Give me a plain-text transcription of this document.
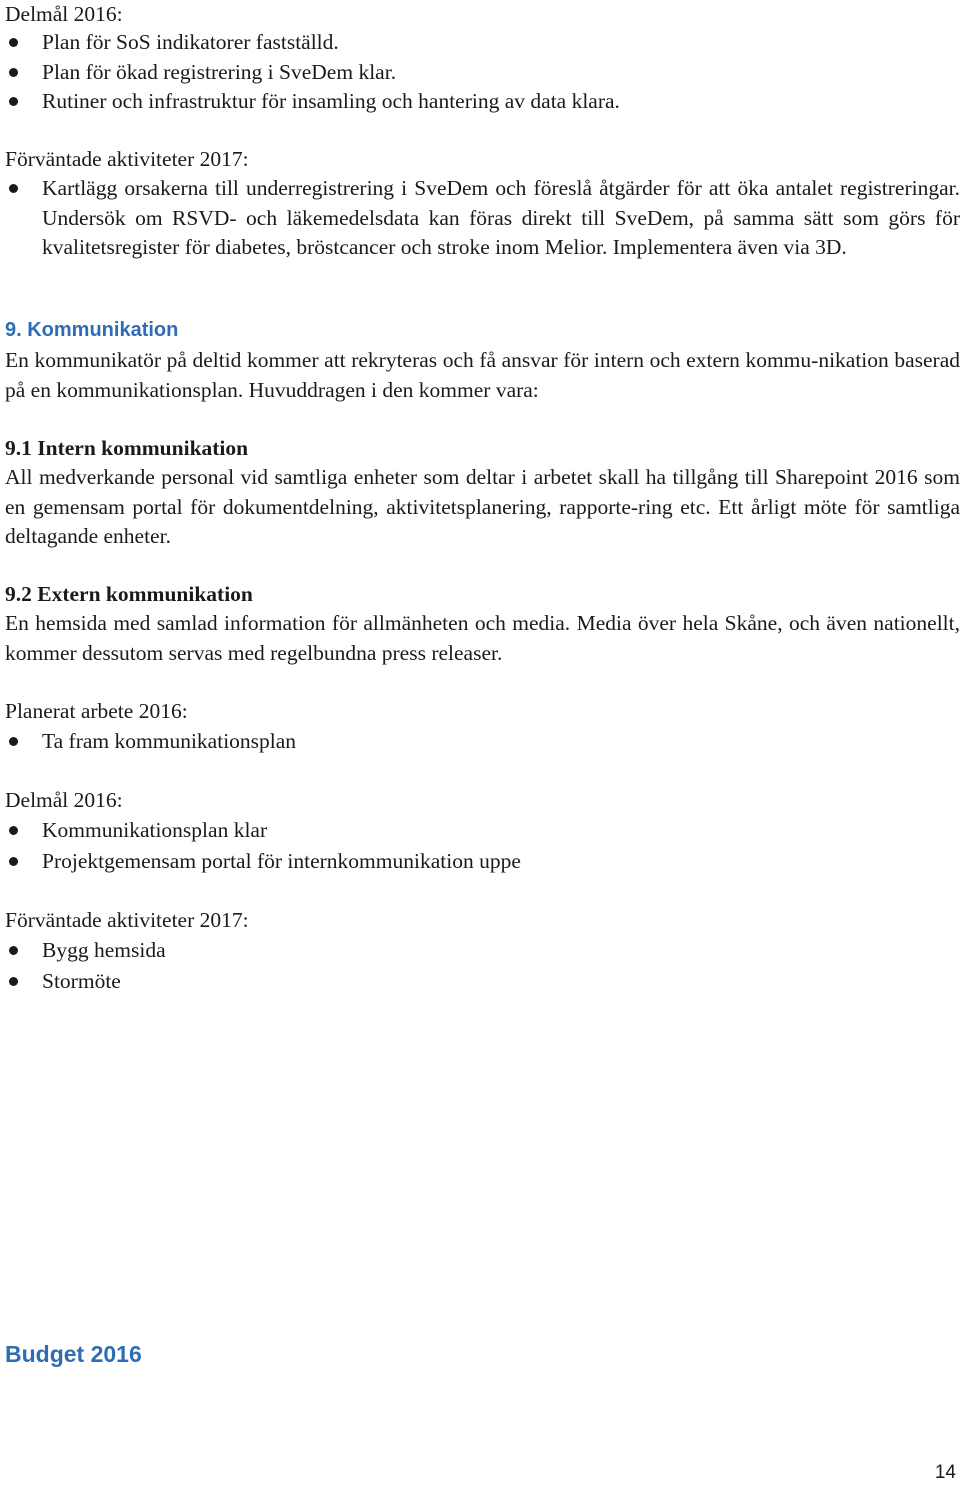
Delmål 2016:

Plan för SoS indikatorer fastställd.
Plan för ökad registrering i SveDem klar.
Rutiner och infrastruktur för insamling och hantering av data klara.

Förväntade aktiviteter 2017:

Kartlägg orsakerna till underregistrering i SveDem och föreslå åtgärder för att öka antalet registreringar. Undersök om RSVD- och läkemedelsdata kan föras direkt till SveDem, på samma sätt som görs för kvalitetsregister för diabetes, bröstcancer och stroke inom Melior. Implementera även via 3D.

9. Kommunikation

En kommunikatör på deltid kommer att rekryteras och få ansvar för intern och extern kommu-nikation baserad på en kommunikationsplan. Huvuddragen i den kommer vara:

9.1 Intern kommunikation

All medverkande personal vid samtliga enheter som deltar i arbetet skall ha tillgång till Sharepoint 2016 som en gemensam portal för dokumentdelning, aktivitetsplanering, rapporte-ring etc. Ett årligt möte för samtliga deltagande enheter.

9.2 Extern kommunikation

En hemsida med samlad information för allmänheten och media. Media över hela Skåne, och även nationellt, kommer dessutom servas med regelbundna press releaser.

Planerat arbete 2016:

Ta fram kommunikationsplan

Delmål 2016:

Kommunikationsplan klar
Projektgemensam portal för internkommunikation uppe

Förväntade aktiviteter 2017:

Bygg hemsida
Stormöte
Budget 2016
14
